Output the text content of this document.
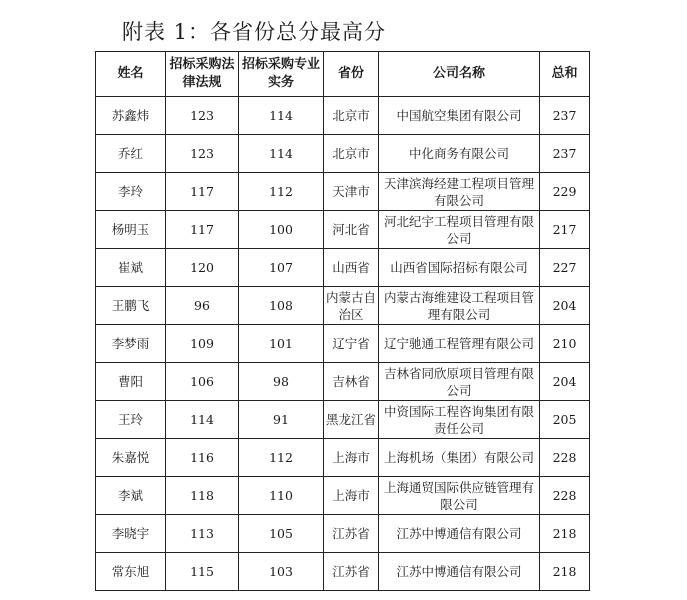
附表 1：各省份总分最高分
姓名	招标采购法律法规	招标采购专业实务	省份	公司名称	总和
苏鑫炜	123	114	北京市	中国航空集团有限公司	237
乔红	123	114	北京市	中化商务有限公司	237
李玲	117	112	天津市	天津滨海经建工程项目管理有限公司	229
杨明玉	117	100	河北省	河北纪宇工程项目管理有限公司	217
崔斌	120	107	山西省	山西省国际招标有限公司	227
王鹏飞	96	108	内蒙古自治区	内蒙古海维建设工程项目管理有限公司	204
李梦雨	109	101	辽宁省	辽宁驰通工程管理有限公司	210
曹阳	106	98	吉林省	吉林省同欣原项目管理有限公司	204
王玲	114	91	黑龙江省	中资国际工程咨询集团有限责任公司	205
朱嘉悦	116	112	上海市	上海机场（集团）有限公司	228
李斌	118	110	上海市	上海通贸国际供应链管理有限公司	228
李晓宇	113	105	江苏省	江苏中博通信有限公司	218
常东旭	115	103	江苏省	江苏中博通信有限公司	218
